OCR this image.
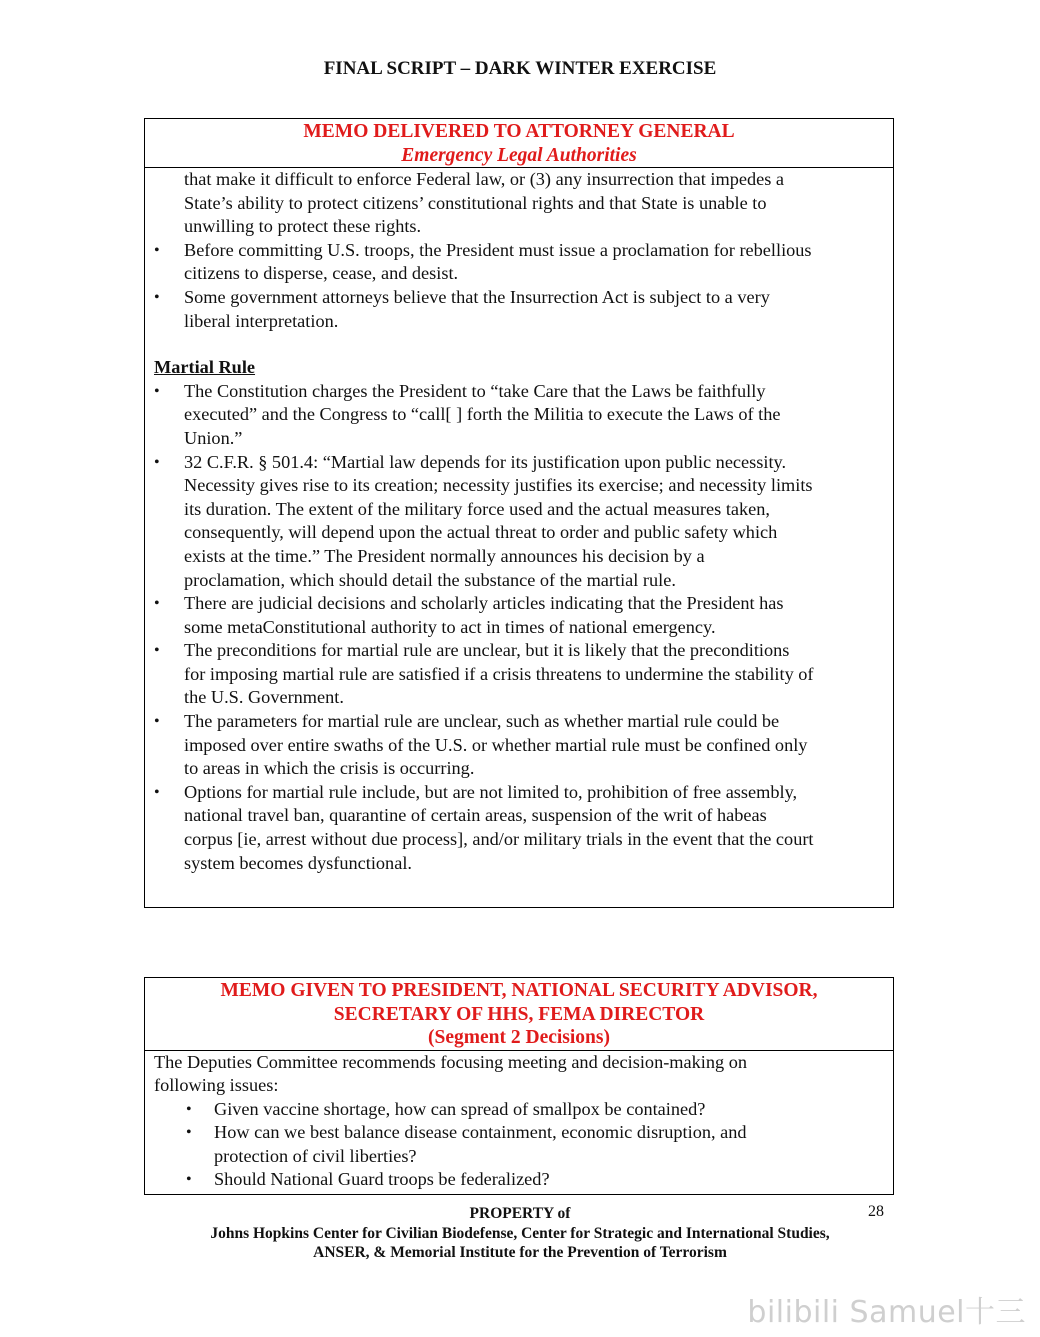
FINAL SCRIPT – DARK WINTER EXERCISE
MEMO DELIVERED TO ATTORNEY GENERAL
Emergency Legal Authorities
that make it difficult to enforce Federal law, or (3) any insurrection that impedes a
State’s ability to protect citizens’ constitutional rights and that State is unable to
unwilling to protect these rights.
• Before committing U.S. troops, the President must issue a proclamation for rebellious
citizens to disperse, cease, and desist.
• Some government attorneys believe that the Insurrection Act is subject to a very
liberal interpretation.
Martial Rule
• The Constitution charges the President to “take Care that the Laws be faithfully
executed” and the Congress to “call[ ] forth the Militia to execute the Laws of the
Union.”
• 32 C.F.R. § 501.4: “Martial law depends for its justification upon public necessity.
Necessity gives rise to its creation; necessity justifies its exercise; and necessity limits
its duration. The extent of the military force used and the actual measures taken,
consequently, will depend upon the actual threat to order and public safety which
exists at the time.” The President normally announces his decision by a
proclamation, which should detail the substance of the martial rule.
• There are judicial decisions and scholarly articles indicating that the President has
some metaConstitutional authority to act in times of national emergency.
• The preconditions for martial rule are unclear, but it is likely that the preconditions
for imposing martial rule are satisfied if a crisis threatens to undermine the stability of
the U.S. Government.
• The parameters for martial rule are unclear, such as whether martial rule could be
imposed over entire swaths of the U.S. or whether martial rule must be confined only
to areas in which the crisis is occurring.
• Options for martial rule include, but are not limited to, prohibition of free assembly,
national travel ban, quarantine of certain areas, suspension of the writ of habeas
corpus [ie, arrest without due process], and/or military trials in the event that the court
system becomes dysfunctional.
MEMO GIVEN TO PRESIDENT, NATIONAL SECURITY ADVISOR,
SECRETARY OF HHS, FEMA DIRECTOR
(Segment 2 Decisions)
The Deputies Committee recommends focusing meeting and decision-making on
following issues:
• Given vaccine shortage, how can spread of smallpox be contained?
• How can we best balance disease containment, economic disruption, and
protection of civil liberties?
• Should National Guard troops be federalized?
PROPERTY of
Johns Hopkins Center for Civilian Biodefense, Center for Strategic and International Studies,
ANSER, & Memorial Institute for the Prevention of Terrorism
28
bilibili Samuel十三
